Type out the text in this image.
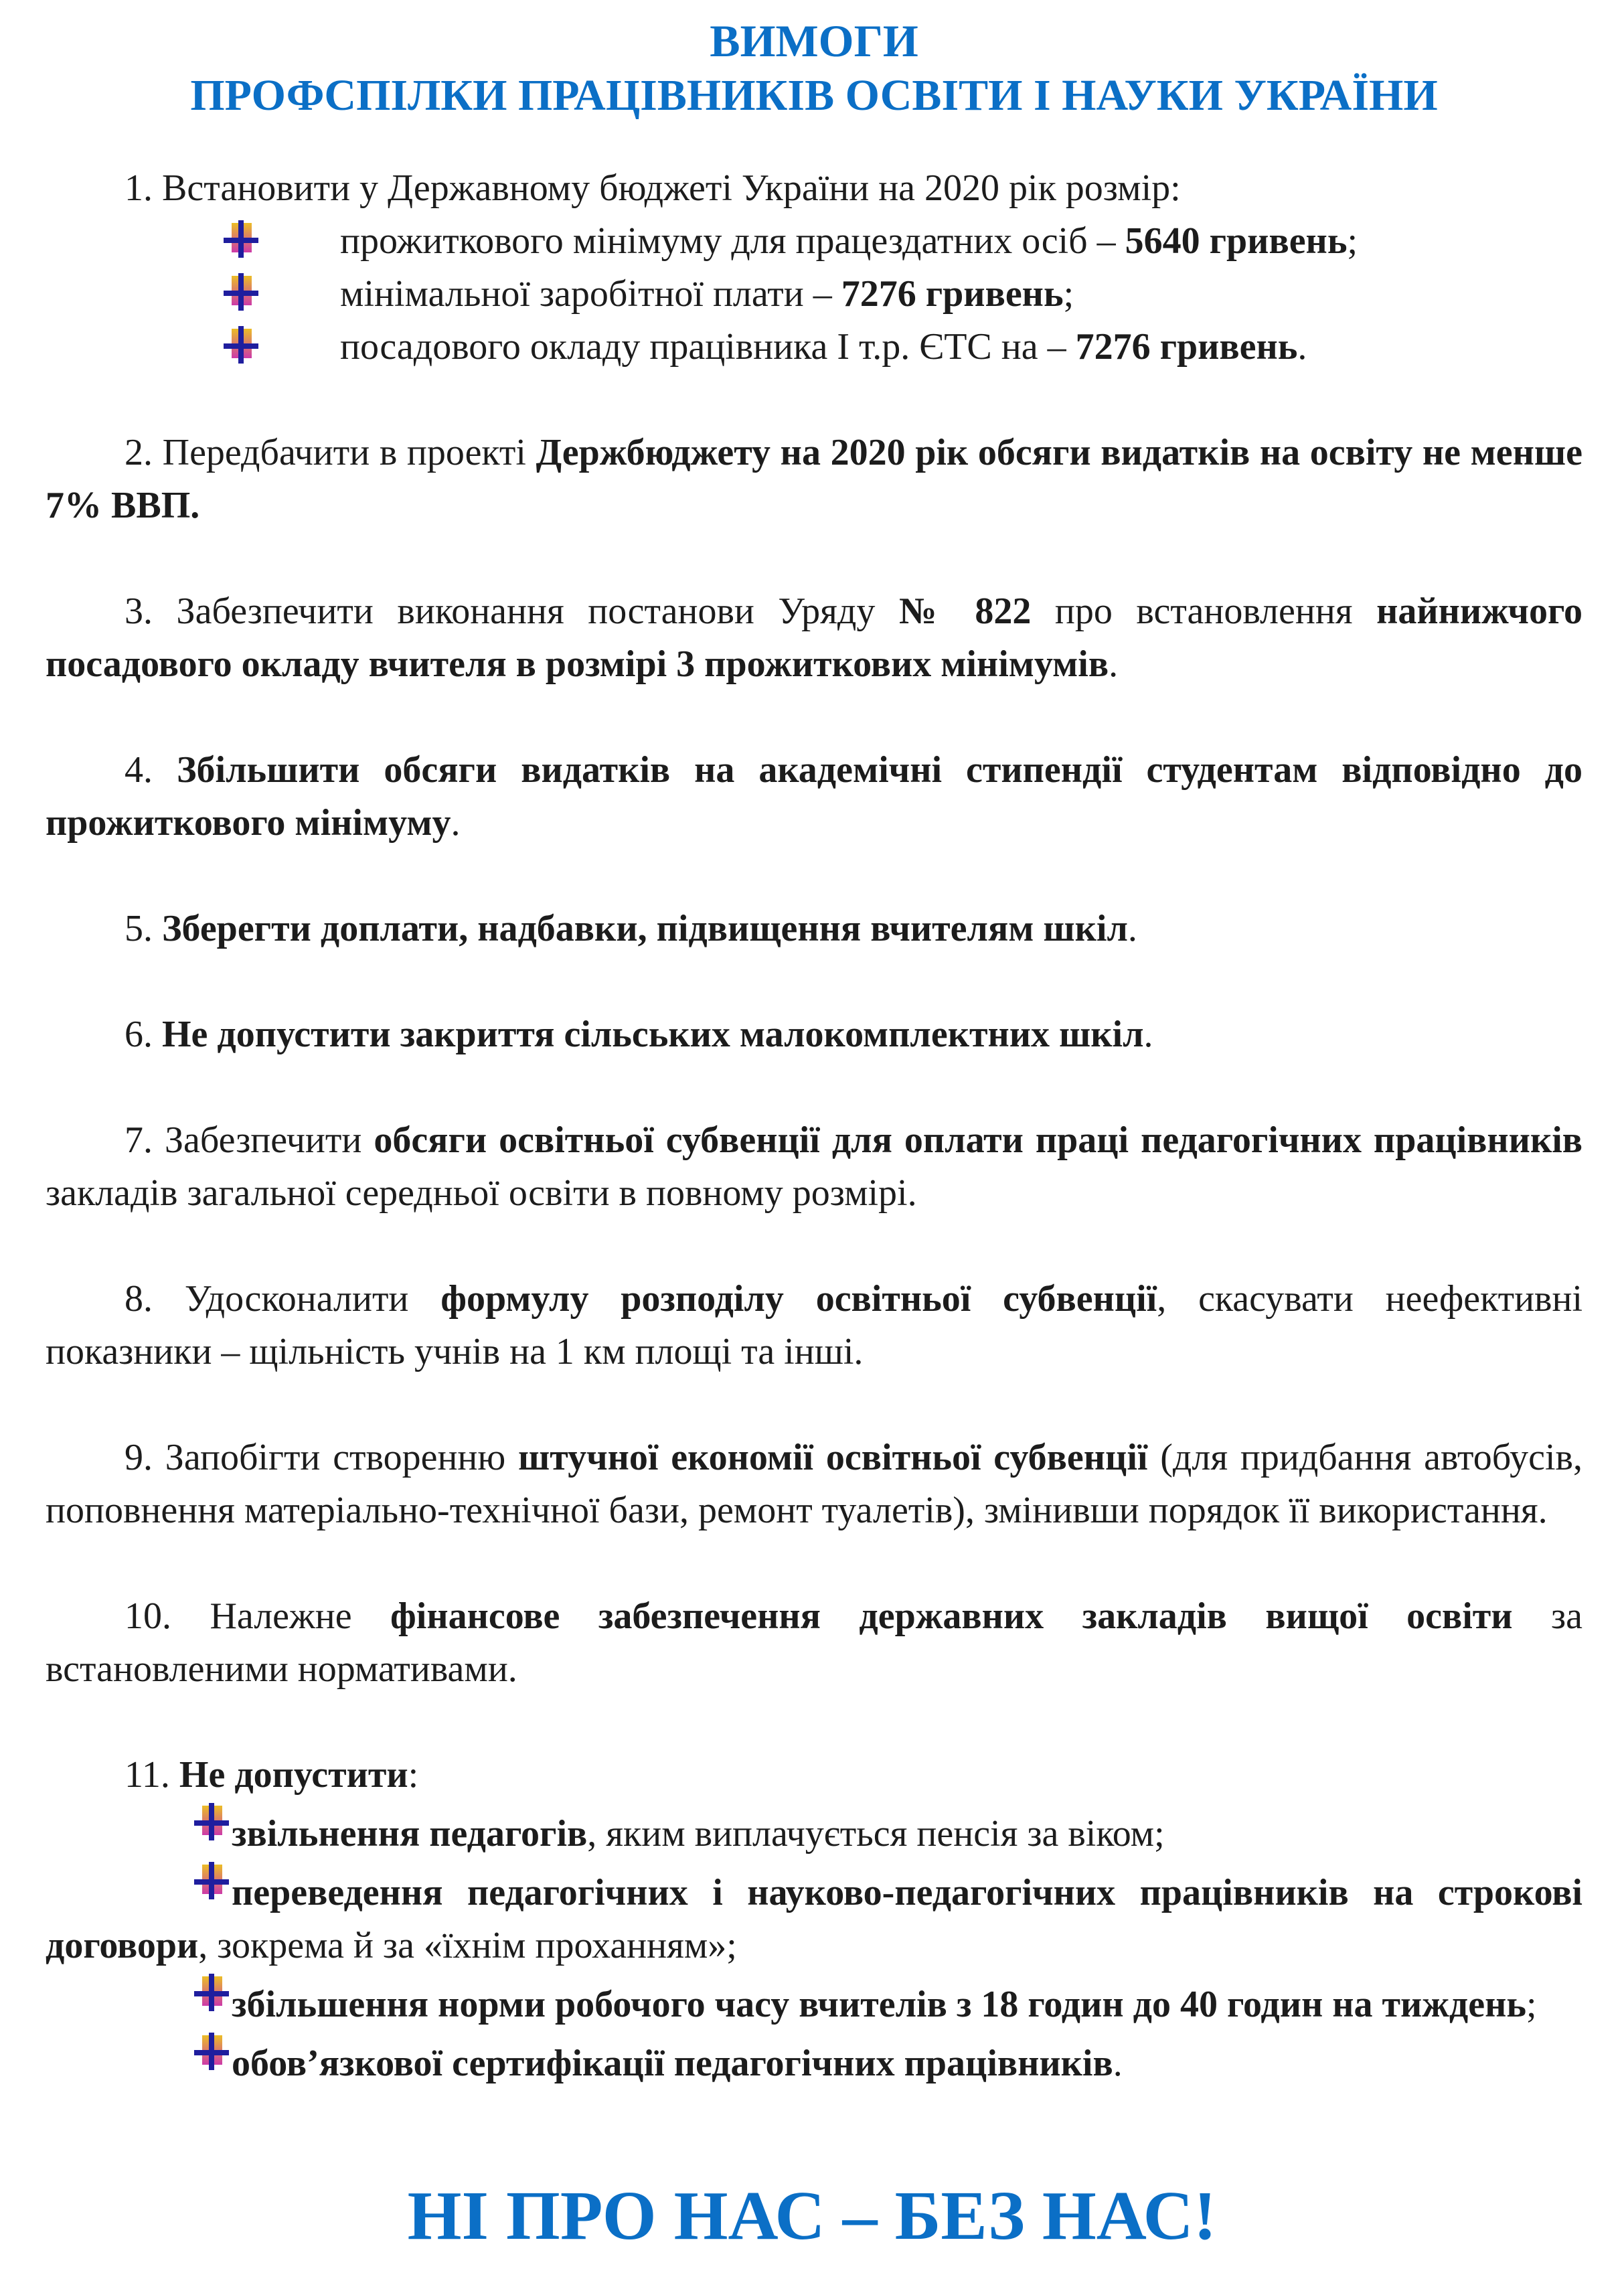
ВИМОГИ
ПРОФСПІЛКИ ПРАЦІВНИКІВ ОСВІТИ І НАУКИ УКРАЇНИ

1. Встановити у Державному бюджеті України на 2020 рік розмір:

прожиткового мінімуму для працездатних осіб – 5640 гривень;
мінімальної заробітної плати – 7276 гривень;
посадового окладу працівника І т.р. ЄТС на – 7276 гривень.

2. Передбачити в проекті Держбюджету на 2020 рік обсяги видатків на освіту не менше 7% ВВП.

3. Забезпечити виконання постанови Уряду № 822 про встановлення найнижчого посадового окладу вчителя в розмірі 3 прожиткових мінімумів.

4. Збільшити обсяги видатків на академічні стипендії студентам відповідно до прожиткового мінімуму.

5. Зберегти доплати, надбавки, підвищення вчителям шкіл.

6. Не допустити закриття сільських малокомплектних шкіл.

7. Забезпечити обсяги освітньої субвенції для оплати праці педагогічних працівників закладів загальної середньої освіти в повному розмірі.

8. Удосконалити формулу розподілу освітньої субвенції, скасувати неефективні показники – щільність учнів на 1 км площі та інші.

9. Запобігти створенню штучної економії освітньої субвенції (для придбання автобусів, поповнення матеріально-технічної бази, ремонт туалетів), змінивши порядок її використання.

10. Належне фінансове забезпечення державних закладів вищої освіти за встановленими нормативами.

11. Не допустити:

звільнення педагогів, яким виплачується пенсія за віком;
переведення педагогічних і науково-педагогічних працівників на строкові договори, зокрема й за «їхнім проханням»;
збільшення норми робочого часу вчителів з 18 годин до 40 годин на тиждень;
обов’язкової сертифікації педагогічних працівників.
НІ ПРО НАС – БЕЗ НАС!
